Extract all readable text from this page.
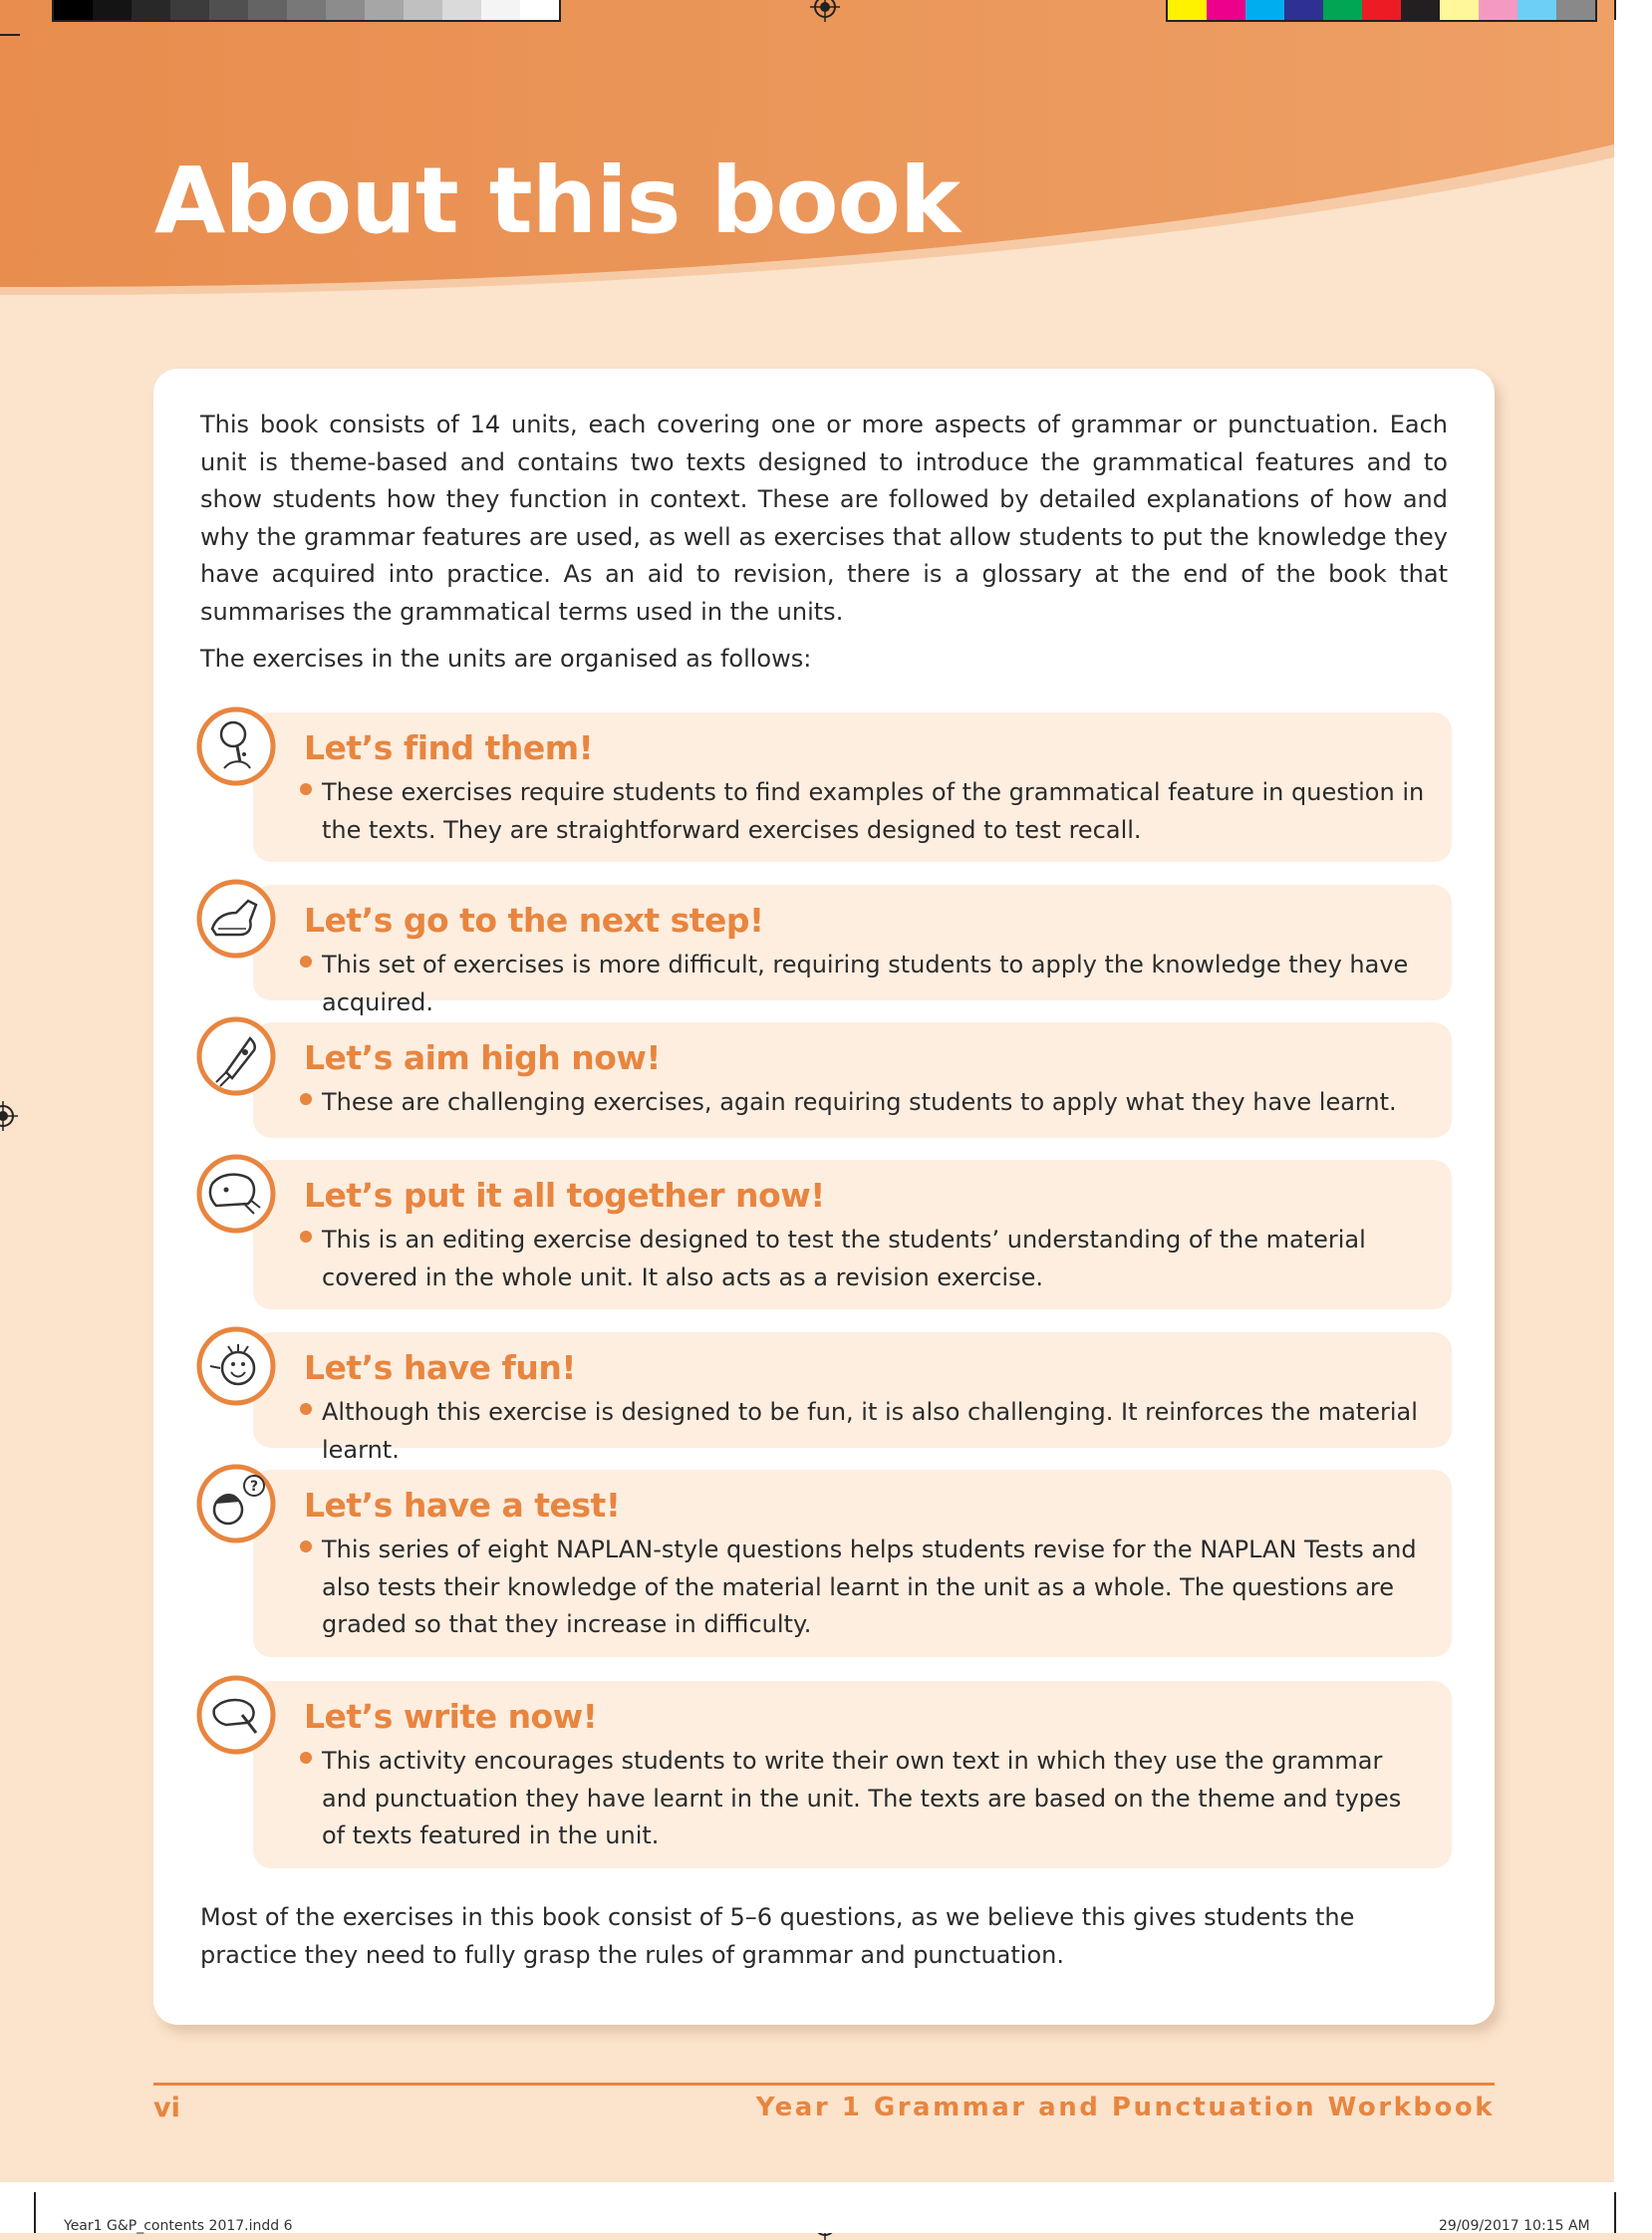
About this book

This book consists of 14 units, each covering one or more aspects of grammar or punctuation. Each unit is theme-based and contains two texts designed to introduce the grammatical features and to show students how they function in context. These are followed by detailed explanations of how and why the grammar features are used, as well as exercises that allow students to put the knowledge they have acquired into practice. As an aid to revision, there is a glossary at the end of the book that summarises the grammatical terms used in the units.

The exercises in the units are organised as follows:

Let’s find them!

These exercises require students to find examples of the grammatical feature in question in the texts. They are straightforward exercises designed to test recall.

Let’s go to the next step!

This set of exercises is more difficult, requiring students to apply the knowledge they have acquired.

Let’s aim high now!

These are challenging exercises, again requiring students to apply what they have learnt.

Let’s put it all together now!

This is an editing exercise designed to test the students’ understanding of the material covered in the whole unit. It also acts as a revision exercise.

Let’s have fun!

Although this exercise is designed to be fun, it is also challenging. It reinforces the material learnt.

? Let’s have a test!

This series of eight NAPLAN-style questions helps students revise for the NAPLAN Tests and also tests their knowledge of the material learnt in the unit as a whole. The questions are graded so that they increase in difficulty.

Let’s write now!

This activity encourages students to write their own text in which they use the grammar and punctuation they have learnt in the unit. The texts are based on the theme and types of texts featured in the unit.

Most of the exercises in this book consist of 5–6 questions, as we believe this gives students the practice they need to fully grasp the rules of grammar and punctuation.

vi	Year 1 Grammar and Punctuation Workbook

Year1 G&P_contents 2017.indd 6	29/09/2017 10:15 AM
